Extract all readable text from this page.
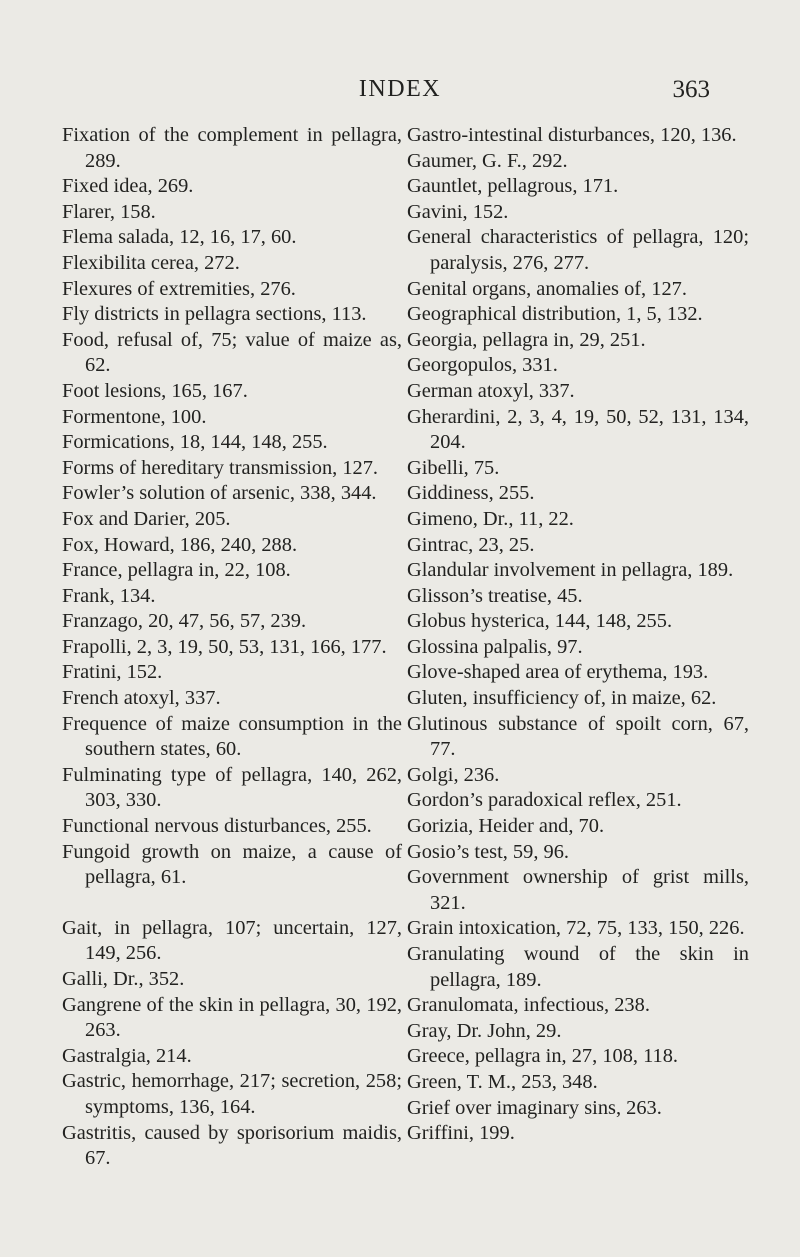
INDEX	363

Fixation of the complement in pellagra, 289.

Fixed idea, 269.

Flarer, 158.

Flema salada, 12, 16, 17, 60.

Flexibilita cerea, 272.

Flexures of extremities, 276.

Fly districts in pellagra sections, 113.

Food, refusal of, 75; value of maize as, 62.

Foot lesions, 165, 167.

Formentone, 100.

Formications, 18, 144, 148, 255.

Forms of hereditary transmission, 127.

Fowler’s solution of arsenic, 338, 344.

Fox and Darier, 205.

Fox, Howard, 186, 240, 288.

France, pellagra in, 22, 108.

Frank, 134.

Franzago, 20, 47, 56, 57, 239.

Frapolli, 2, 3, 19, 50, 53, 131, 166, 177.

Fratini, 152.

French atoxyl, 337.

Frequence of maize consumption in the southern states, 60.

Fulminating type of pellagra, 140, 262, 303, 330.

Functional nervous disturbances, 255.

Fungoid growth on maize, a cause of pellagra, 61.

Gait, in pellagra, 107; uncertain, 127, 149, 256.

Galli, Dr., 352.

Gangrene of the skin in pellagra, 30, 192, 263.

Gastralgia, 214.

Gastric, hemorrhage, 217; secretion, 258; symptoms, 136, 164.

Gastritis, caused by sporisorium maidis, 67.

Gastro-intestinal disturbances, 120, 136.

Gaumer, G. F., 292.

Gauntlet, pellagrous, 171.

Gavini, 152.

General characteristics of pellagra, 120; paralysis, 276, 277.

Genital organs, anomalies of, 127.

Geographical distribution, 1, 5, 132.

Georgia, pellagra in, 29, 251.

Georgopulos, 331.

German atoxyl, 337.

Gherardini, 2, 3, 4, 19, 50, 52, 131, 134, 204.

Gibelli, 75.

Giddiness, 255.

Gimeno, Dr., 11, 22.

Gintrac, 23, 25.

Glandular involvement in pellagra, 189.

Glisson’s treatise, 45.

Globus hysterica, 144, 148, 255.

Glossina palpalis, 97.

Glove-shaped area of erythema, 193.

Gluten, insufficiency of, in maize, 62.

Glutinous substance of spoilt corn, 67, 77.

Golgi, 236.

Gordon’s paradoxical reflex, 251.

Gorizia, Heider and, 70.

Gosio’s test, 59, 96.

Government ownership of grist mills, 321.

Grain intoxication, 72, 75, 133, 150, 226.

Granulating wound of the skin in pellagra, 189.

Granulomata, infectious, 238.

Gray, Dr. John, 29.

Greece, pellagra in, 27, 108, 118.

Green, T. M., 253, 348.

Grief over imaginary sins, 263.

Griffini, 199.
